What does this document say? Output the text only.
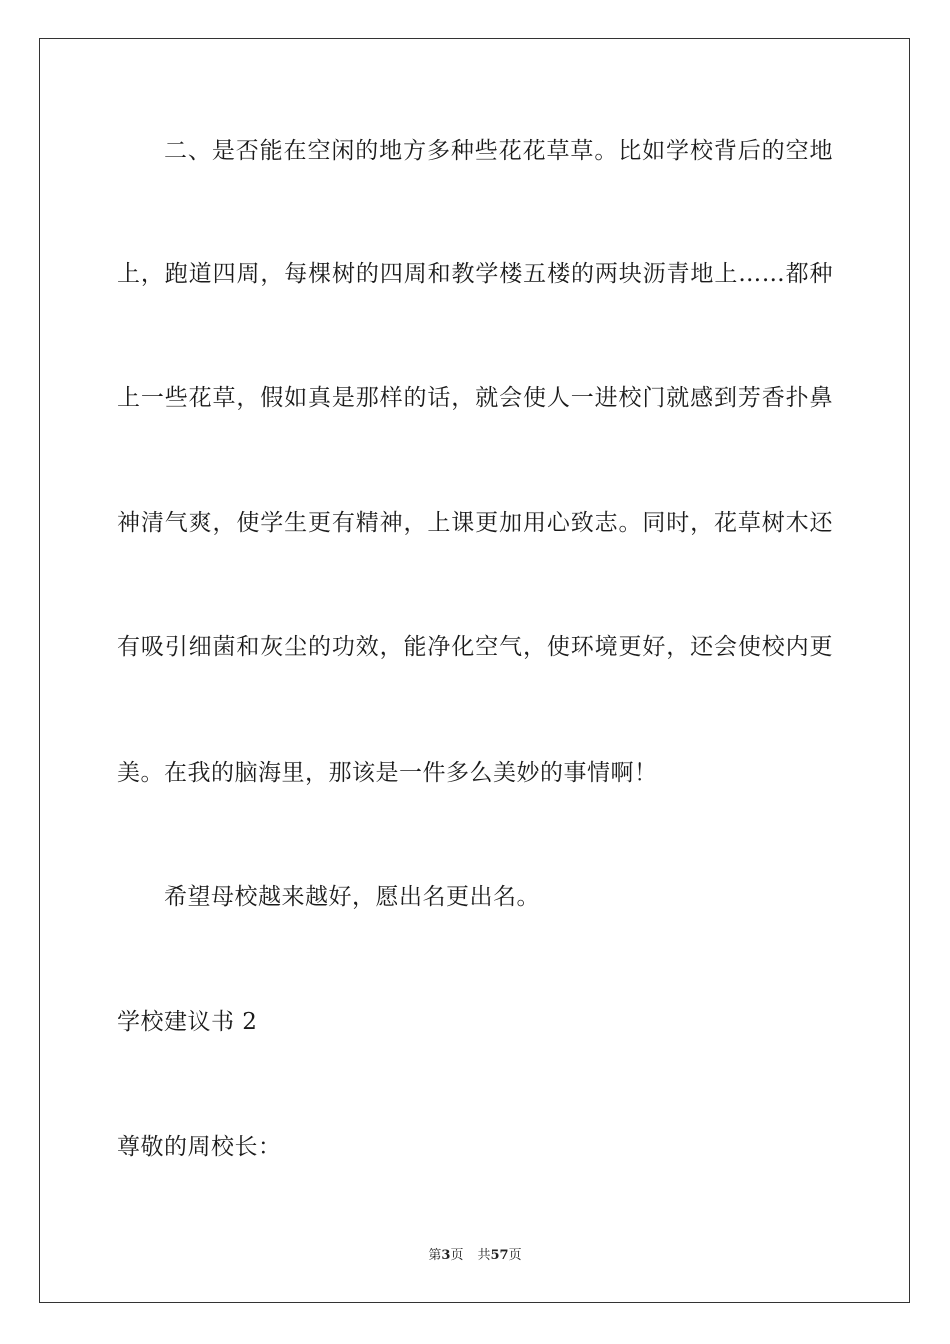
二、是否能在空闲的地方多种些花花草草。比如学校背后的空地
上，跑道四周，每棵树的四周和教学楼五楼的两块沥青地上……都种
上一些花草，假如真是那样的话，就会使人一进校门就感到芳香扑鼻
神清气爽，使学生更有精神，上课更加用心致志。同时，花草树木还
有吸引细菌和灰尘的功效，能净化空气，使环境更好，还会使校内更
美。在我的脑海里，那该是一件多么美妙的事情啊！
希望母校越来越好，愿出名更出名。
学校建议书 2
尊敬的周校长：
第3页 共57页
